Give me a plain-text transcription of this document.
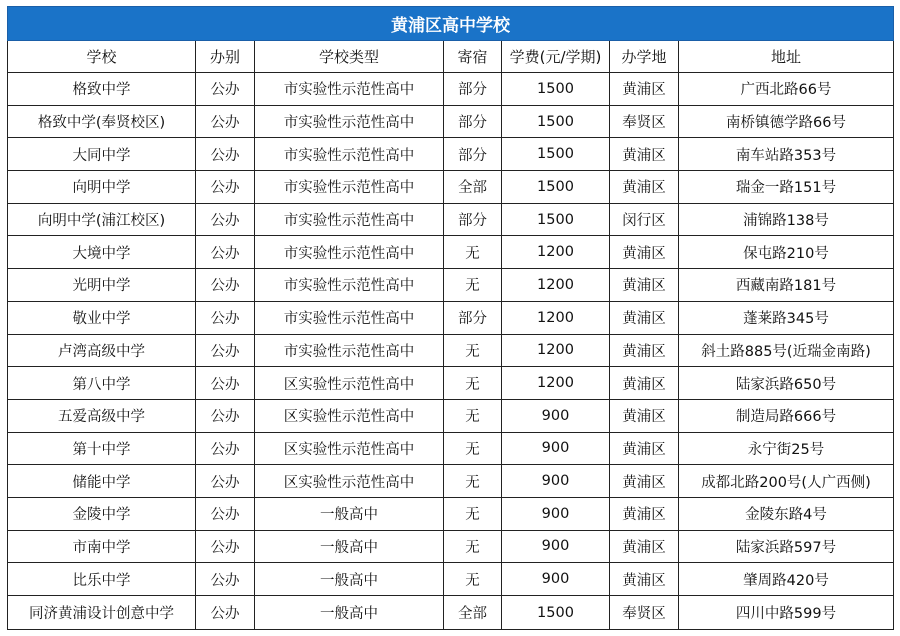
黄浦区高中学校						
学校	办别	学校类型	寄宿	学费(元/学期)	办学地	地址
格致中学	公办	市实验性示范性高中	部分	1500	黄浦区	广西北路66号
格致中学(奉贤校区)	公办	市实验性示范性高中	部分	1500	奉贤区	南桥镇德学路66号
大同中学	公办	市实验性示范性高中	部分	1500	黄浦区	南车站路353号
向明中学	公办	市实验性示范性高中	全部	1500	黄浦区	瑞金一路151号
向明中学(浦江校区)	公办	市实验性示范性高中	部分	1500	闵行区	浦锦路138号
大境中学	公办	市实验性示范性高中	无	1200	黄浦区	保屯路210号
光明中学	公办	市实验性示范性高中	无	1200	黄浦区	西藏南路181号
敬业中学	公办	市实验性示范性高中	部分	1200	黄浦区	蓬莱路345号
卢湾高级中学	公办	市实验性示范性高中	无	1200	黄浦区	斜土路885号(近瑞金南路)
第八中学	公办	区实验性示范性高中	无	1200	黄浦区	陆家浜路650号
五爱高级中学	公办	区实验性示范性高中	无	900	黄浦区	制造局路666号
第十中学	公办	区实验性示范性高中	无	900	黄浦区	永宁街25号
储能中学	公办	区实验性示范性高中	无	900	黄浦区	成都北路200号(人广西侧)
金陵中学	公办	一般高中	无	900	黄浦区	金陵东路4号
市南中学	公办	一般高中	无	900	黄浦区	陆家浜路597号
比乐中学	公办	一般高中	无	900	黄浦区	肇周路420号
同济黄浦设计创意中学	公办	一般高中	全部	1500	奉贤区	四川中路599号
